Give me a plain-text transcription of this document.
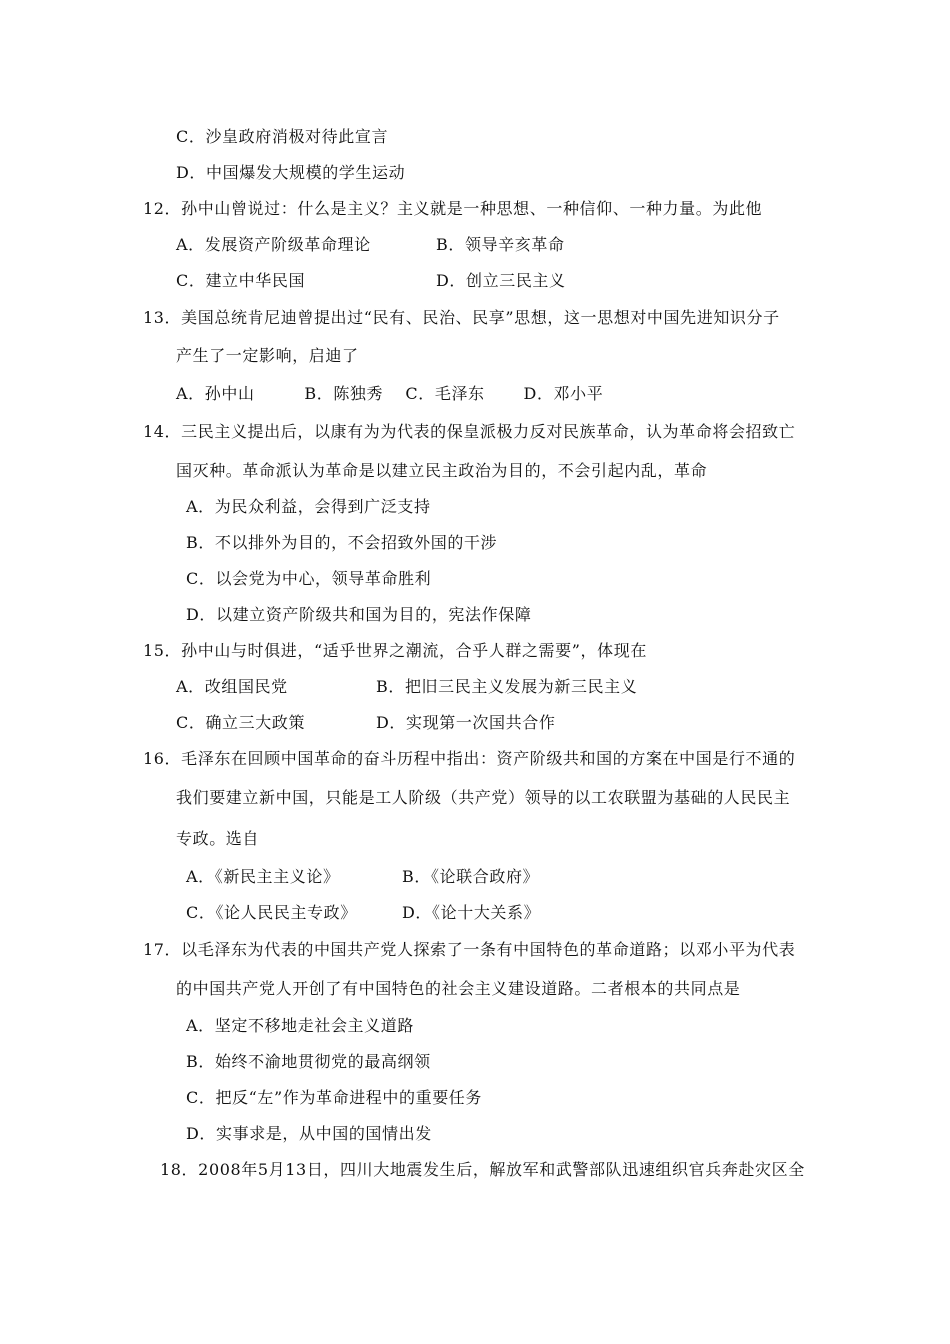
C．沙皇政府消极对待此宣言
D．中国爆发大规模的学生运动
12．孙中山曾说过：什么是主义？主义就是一种思想、一种信仰、一种力量。为此他
A．发展资产阶级革命理论	B．领导辛亥革命
C．建立中华民国	D．创立三民主义
13．美国总统肯尼迪曾提出过“民有、民治、民享”思想，这一思想对中国先进知识分子
产生了一定影响，启迪了
A．孙中山　　　B．陈独秀　 C．毛泽东　　 D．邓小平
14．三民主义提出后，以康有为为代表的保皇派极力反对民族革命，认为革命将会招致亡
国灭种。革命派认为革命是以建立民主政治为目的，不会引起内乱，革命
A．为民众利益，会得到广泛支持
B．不以排外为目的，不会招致外国的干涉
C．以会党为中心，领导革命胜利
D．以建立资产阶级共和国为目的，宪法作保障
15．孙中山与时俱进，“适乎世界之潮流，合乎人群之需要”，体现在
A．改组国民党	B．把旧三民主义发展为新三民主义
C．确立三大政策	D．实现第一次国共合作
16．毛泽东在回顾中国革命的奋斗历程中指出：资产阶级共和国的方案在中国是行不通的
我们要建立新中国，只能是工人阶级（共产党）领导的以工农联盟为基础的人民民主
专政。选自
A．《新民主主义论》	B．《论联合政府》
C．《论人民民主专政》	D．《论十大关系》
17．以毛泽东为代表的中国共产党人探索了一条有中国特色的革命道路；以邓小平为代表
的中国共产党人开创了有中国特色的社会主义建设道路。二者根本的共同点是
A．坚定不移地走社会主义道路
B．始终不渝地贯彻党的最高纲领
C．把反“左”作为革命进程中的重要任务
D．实事求是，从中国的国情出发
18．2008年5月13日，四川大地震发生后，解放军和武警部队迅速组织官兵奔赴灾区全
